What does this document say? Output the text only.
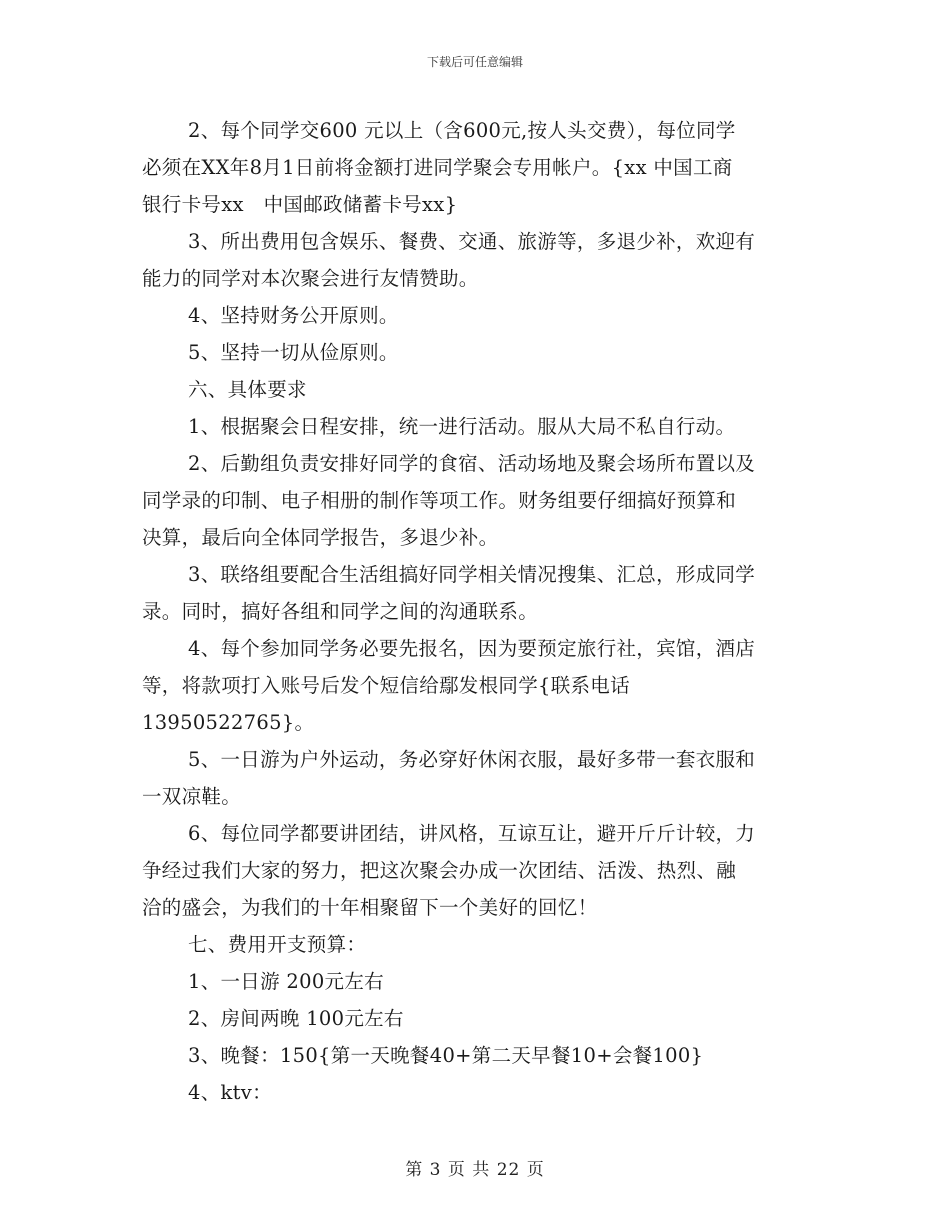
下载后可任意编辑
2、每个同学交600 元以上（含600元,按人头交费），每位同学
必须在XX年8月1日前将金额打进同学聚会专用帐户。{xx 中国工商
银行卡号xx　中国邮政储蓄卡号xx}
3、所出费用包含娱乐、餐费、交通、旅游等，多退少补，欢迎有
能力的同学对本次聚会进行友情赞助。
4、坚持财务公开原则。
5、坚持一切从俭原则。
六、具体要求
1、根据聚会日程安排，统一进行活动。服从大局不私自行动。
2、后勤组负责安排好同学的食宿、活动场地及聚会场所布置以及
同学录的印制、电子相册的制作等项工作。财务组要仔细搞好预算和
决算，最后向全体同学报告，多退少补。
3、联络组要配合生活组搞好同学相关情况搜集、汇总，形成同学
录。同时，搞好各组和同学之间的沟通联系。
4、每个参加同学务必要先报名，因为要预定旅行社，宾馆，酒店
等，将款项打入账号后发个短信给鄢发根同学{联系电话
13950522765}。
5、一日游为户外运动，务必穿好休闲衣服，最好多带一套衣服和
一双凉鞋。
6、每位同学都要讲团结，讲风格，互谅互让，避开斤斤计较，力
争经过我们大家的努力，把这次聚会办成一次团结、活泼、热烈、融
洽的盛会，为我们的十年相聚留下一个美好的回忆！
七、费用开支预算：
1、一日游 200元左右
2、房间两晚 100元左右
3、晚餐：150{第一天晚餐40+第二天早餐10+会餐100}
4、ktv：
第 3 页 共 22 页
